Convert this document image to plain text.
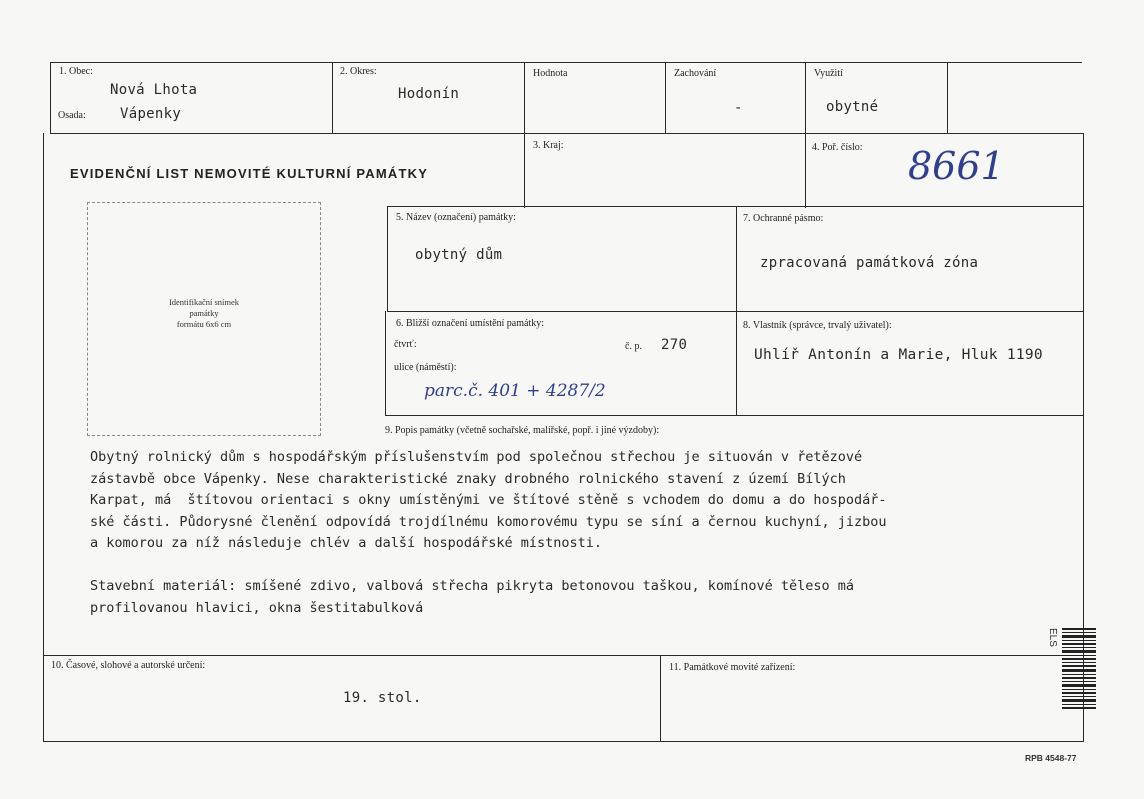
1. Obec:
Nová Lhota
Osada: Vápenky
2. Okres:
Hodonín
Hodnota	Zachování
-
Využití
obytné
EVIDENČNÍ LIST NEMOVITÉ KULTURNÍ PAMÁTKY
3. Kraj:	4. Poř. číslo: 8661
Identifikační snímek
památky
formátu 6x6 cm
5. Název (označení) památky:
obytný dům
7. Ochranné pásmo:
zpracovaná památková zóna
6. Bližší označení umístění památky:
čtvrť:	č. p. 270
ulice (náměstí):
parc.č. 401 + 4287/2
8. Vlastník (správce, trvalý uživatel):
Uhlíř Antonín a Marie, Hluk 1190
9. Popis památky (včetně sochařské, malířské, popř. i jiné výzdoby):
Obytný rolnický dům s hospodářským příslušenstvím pod společnou střechou je situován v řetězové
zástavbě obce Vápenky. Nese charakteristické znaky drobného rolnického stavení z území Bílých
Karpat, má  štítovou orientaci s okny umístěnými ve štítové stěně s vchodem do domu a do hospodář-
ské části. Půdorysné členění odpovídá trojdílnému komorovému typu se síní a černou kuchyní, jizbou
a komorou za níž následuje chlév a další hospodářské místnosti.
Stavební materiál: smíšené zdivo, valbová střecha pikryta betonovou taškou, komínové těleso má
profilovanou hlavici, okna šestitabulková
10. Časové, slohové a autorské určení:
19. stol.
11. Památkové movité zařízení:
ELS
RPB 4548-77
